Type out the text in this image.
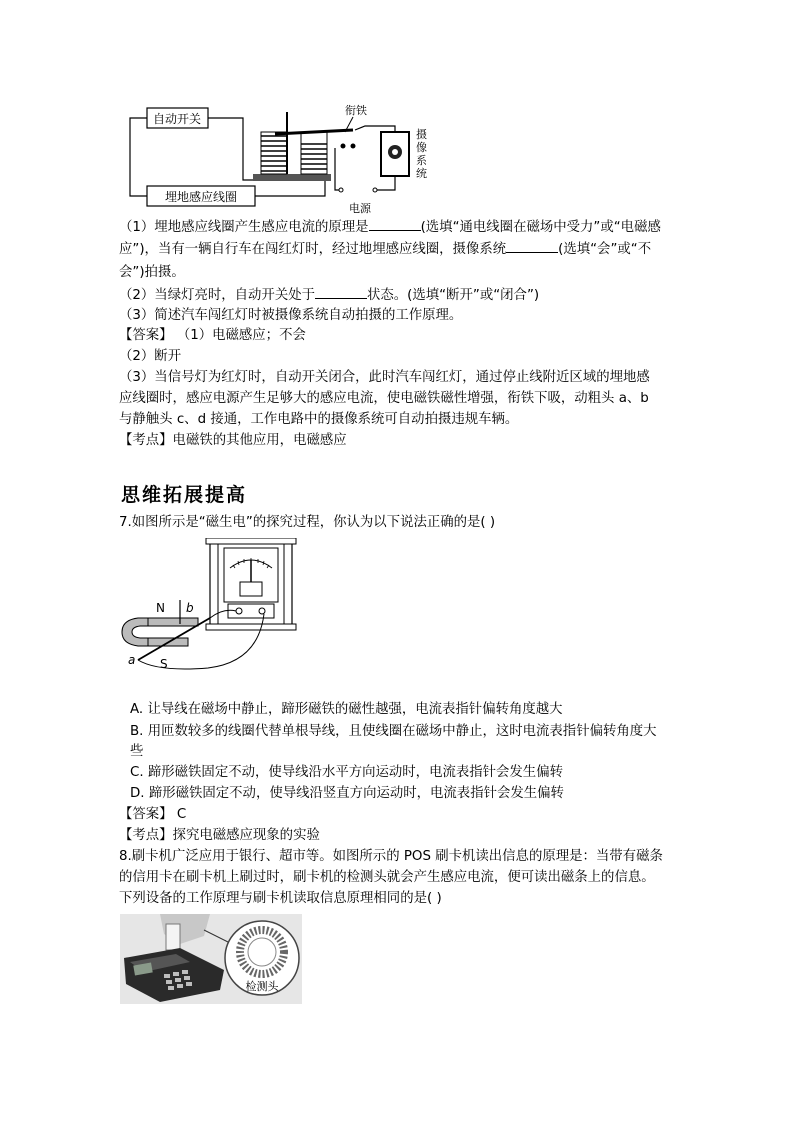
自动开关
埋地感应线圈
衔铁
电源
摄像系统
（1）埋地感应线圈产生感应电流的原理是	(选填“通电线圈在磁场中受力”或“电磁感
应”)，当有一辆自行车在闯红灯时，经过地埋感应线圈，摄像系统	(选填“会”或“不
会”)拍摄。
（2）当绿灯亮时，自动开关处于	状态。(选填“断开”或“闭合”)
（3）简述汽车闯红灯时被摄像系统自动拍摄的工作原理。
【答案】 （1）电磁感应；不会
（2）断开
（3）当信号灯为红灯时，自动开关闭合，此时汽车闯红灯，通过停止线附近区域的埋地感
应线圈时，感应电源产生足够大的感应电流，使电磁铁磁性增强，衔铁下吸，动粗头 a、b
与静触头 c、d 接通，工作电路中的摄像系统可自动拍摄违规车辆。
【考点】电磁铁的其他应用，电磁感应
思维拓展提高
7.如图所示是“磁生电”的探究过程，你认为以下说法正确的是( )
N
S
a
b
A. 让导线在磁场中静止，蹄形磁铁的磁性越强，电流表指针偏转角度越大
B. 用匝数较多的线圈代替单根导线，且使线圈在磁场中静止，这时电流表指针偏转角度大
些
C. 蹄形磁铁固定不动，使导线沿水平方向运动时，电流表指针会发生偏转
D. 蹄形磁铁固定不动，使导线沿竖直方向运动时，电流表指针会发生偏转
【答案】 C
【考点】探究电磁感应现象的实验
8.刷卡机广泛应用于银行、超市等。如图所示的 POS 刷卡机读出信息的原理是：当带有磁条
的信用卡在刷卡机上刷过时，刷卡机的检测头就会产生感应电流，便可读出磁条上的信息。
下列设备的工作原理与刷卡机读取信息原理相同的是( )
检测头
